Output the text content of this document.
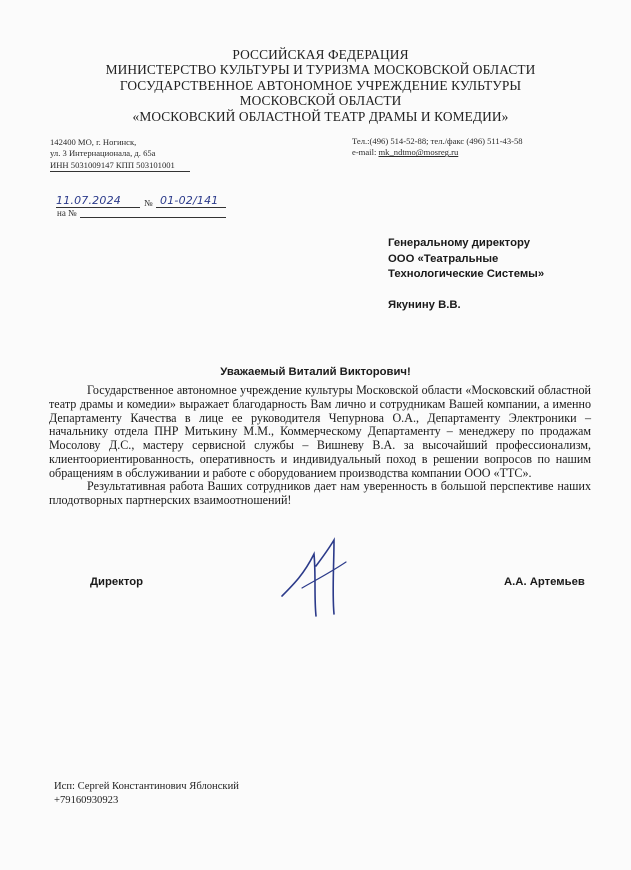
РОССИЙСКАЯ ФЕДЕРАЦИЯ
МИНИСТЕРСТВО КУЛЬТУРЫ И ТУРИЗМА МОСКОВСКОЙ ОБЛАСТИ
ГОСУДАРСТВЕННОЕ АВТОНОМНОЕ УЧРЕЖДЕНИЕ КУЛЬТУРЫ
МОСКОВСКОЙ ОБЛАСТИ
«МОСКОВСКИЙ ОБЛАСТНОЙ ТЕАТР ДРАМЫ И КОМЕДИИ»
142400 МО, г. Ногинск,
ул. 3 Интернационала, д. 65а
ИНН 5031009147 КПП 503101001
Тел.:(496) 514-52-88; тел./факс (496) 511-43-58
e-mail: mk_ndtmo@mosreg.ru
11.07.2024	№ 01-02/141
на №
Генеральному директору
ООО «Театральные
Технологические Системы»
Якунину В.В.
Уважаемый Виталий Викторович!

Государственное автономное учреждение культуры Московской области «Московский областной театр драмы и комедии» выражает благодарность Вам лично и сотрудникам Вашей компании, а именно Департаменту Качества в лице ее руководителя Чепурнова О.А., Департаменту Электроники – начальнику отдела ПНР Митькину М.М., Коммерческому Департаменту – менеджеру по продажам Мосолову Д.С., мастеру сервисной службы – Вишневу В.А. за высочайший профессионализм, клиентоориентированность, оперативность и индивидуальный поход в решении вопросов по нашим обращениям в обслуживании и работе с оборудованием производства компании ООО «ТТС».

Результативная работа Ваших сотрудников дает нам уверенность в большой перспективе наших плодотворных партнерских взаимоотношений!

Директор	А.А. Артемьев
Исп: Сергей Константинович Яблонский
+79160930923
